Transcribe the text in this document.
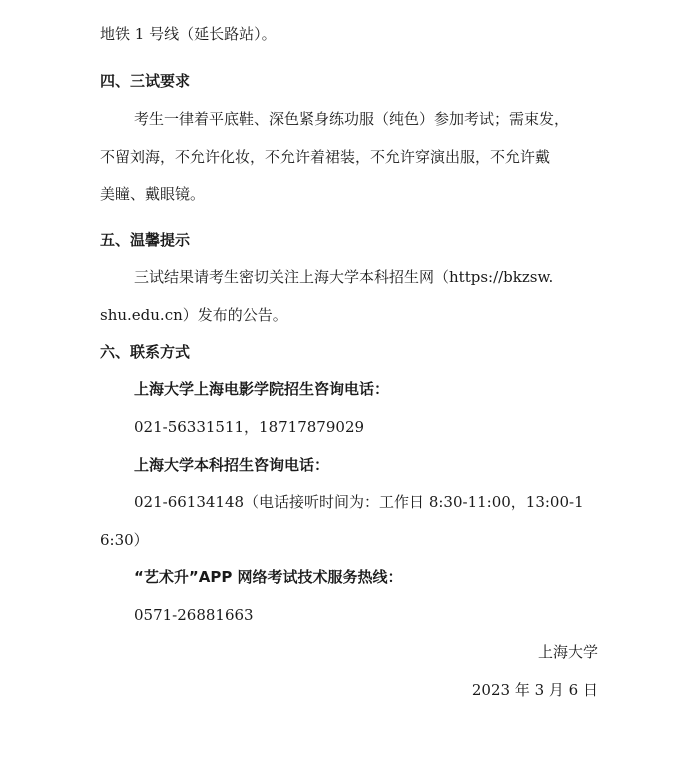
地铁 1 号线（延长路站）。
四、三试要求
考生一律着平底鞋、深色紧身练功服（纯色）参加考试；需束发，
不留刘海，不允许化妆，不允许着裙装，不允许穿演出服，不允许戴
美瞳、戴眼镜。
五、温馨提示
三试结果请考生密切关注上海大学本科招生网（https://bkzsw.
shu.edu.cn）发布的公告。
六、联系方式
上海大学上海电影学院招生咨询电话：
021-56331511，18717879029
上海大学本科招生咨询电话：
021-66134148（电话接听时间为：工作日 8:30-11:00，13:00-1
6:30）
“艺术升”APP 网络考试技术服务热线：
0571-26881663
上海大学
2023 年 3 月 6 日
